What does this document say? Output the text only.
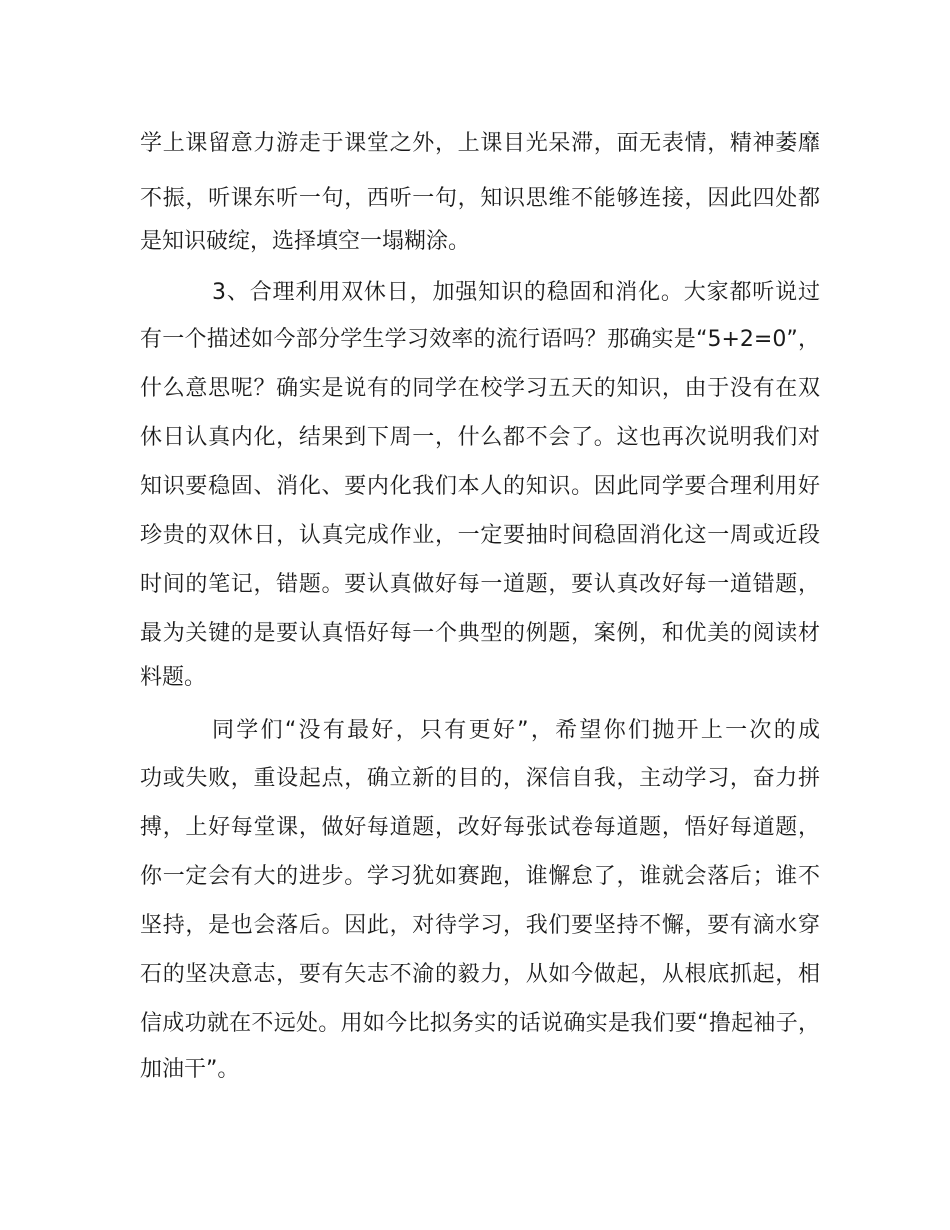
学上课留意力游走于课堂之外，上课目光呆滞，面无表情，精神萎靡
不振，听课东听一句，西听一句，知识思维不能够连接，因此四处都
是知识破绽，选择填空一塌糊涂。
3、合理利用双休日，加强知识的稳固和消化。大家都听说过
有一个描述如今部分学生学习效率的流行语吗？那确实是“5+2=0”，
什么意思呢？确实是说有的同学在校学习五天的知识，由于没有在双
休日认真内化，结果到下周一，什么都不会了。这也再次说明我们对
知识要稳固、消化、要内化我们本人的知识。因此同学要合理利用好
珍贵的双休日，认真完成作业，一定要抽时间稳固消化这一周或近段
时间的笔记，错题。要认真做好每一道题，要认真改好每一道错题，
最为关键的是要认真悟好每一个典型的例题，案例，和优美的阅读材
料题。
同学们“没有最好，只有更好”，希望你们抛开上一次的成
功或失败，重设起点，确立新的目的，深信自我，主动学习，奋力拼
搏，上好每堂课，做好每道题，改好每张试卷每道题，悟好每道题，
你一定会有大的进步。学习犹如赛跑，谁懈怠了，谁就会落后；谁不
坚持，是也会落后。因此，对待学习，我们要坚持不懈，要有滴水穿
石的坚决意志，要有矢志不渝的毅力，从如今做起，从根底抓起，相
信成功就在不远处。用如今比拟务实的话说确实是我们要“撸起袖子，
加油干”。
